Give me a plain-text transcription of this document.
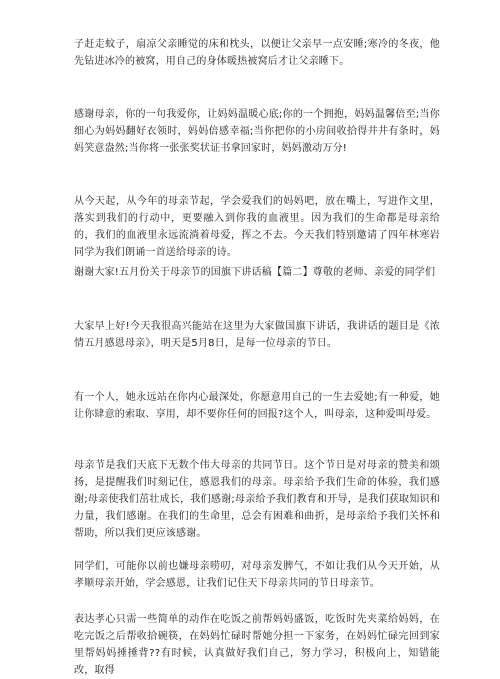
子赶走蚊子，扇凉父亲睡觉的床和枕头，以便让父亲早一点安睡;寒冷的冬夜，他先钻进冰冷的被窝，用自己的身体暖热被窝后才让父亲睡下。

感谢母亲，你的一句我爱你，让妈妈温暖心底;你的一个拥抱，妈妈温馨倍至;当你细心为妈妈翻好衣领时，妈妈倍感幸福;当你把你的小房间收拾得井井有条时，妈妈笑意盎然;当你将一张张奖状证书拿回家时，妈妈激动万分!

从今天起，从今年的母亲节起，学会爱我们的妈妈吧，放在嘴上，写进作文里，落实到我们的行动中，更要融入到你我的血液里。因为我们的生命都是母亲给的，我们的血液里永远流淌着母爱，挥之不去。今天我们特别邀请了四年林寒岩同学为我们朗诵一首送给母亲的诗。

谢谢大家!五月份关于母亲节的国旗下讲话稿【篇二】尊敬的老师、亲爱的同学们

大家早上好!今天我很高兴能站在这里为大家做国旗下讲话，我讲话的题目是《浓情五月感恩母亲》，明天是5月8日，是每一位母亲的节日。

有一个人，她永远站在你内心最深处，你愿意用自己的一生去爱她;有一种爱，她让你肆意的索取、享用，却不要你任何的回报?这个人，叫母亲，这种爱叫母爱。

母亲节是我们天底下无数个伟大母亲的共同节日。这个节日是对母亲的赞美和颂扬，是提醒我们时刻记住，感恩我们的母亲。母亲给予我们生命的体验，我们感谢;母亲使我们茁壮成长，我们感谢;母亲给予我们教育和开导，是我们获取知识和力量，我们感谢。在我们的生命里，总会有困难和曲折，是母亲给予我们关怀和帮助，所以我们更应该感谢。

同学们，可能你以前也嫌母亲唠叨，对母亲发脾气，不如让我们从今天开始，从孝顺母亲开始，学会感恩，让我们记住天下母亲共同的节日母亲节。

表达孝心只需一些简单的动作在吃饭之前帮妈妈盛饭，吃饭时先夹菜给妈妈，在吃完饭之后帮收拾碗筷，在妈妈忙碌时帮她分担一下家务，在妈妈忙碌完回到家里帮妈妈捶捶背??有时候，认真做好我们自己，努力学习，积极向上，知错能改，取得
